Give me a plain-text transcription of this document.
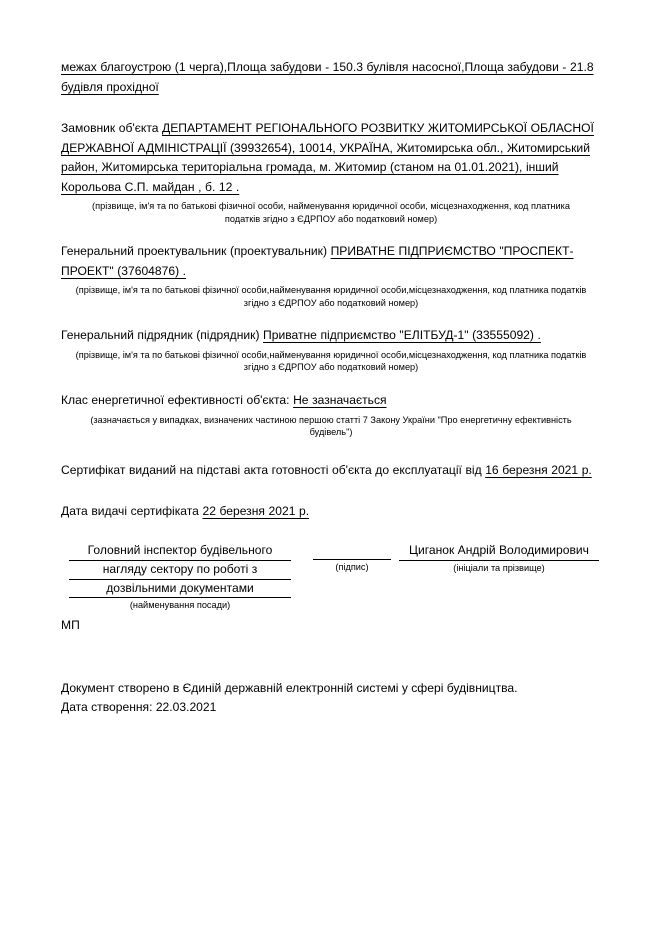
межах благоустрою (1 черга),Площа забудови - 150.3 булівля насосної,Площа забудови - 21.8 будівля прохідної

Замовник об'єкта ДЕПАРТАМЕНТ РЕГІОНАЛЬНОГО РОЗВИТКУ ЖИТОМИРСЬКОЇ ОБЛАСНОЇ ДЕРЖАВНОЇ АДМІНІСТРАЦІЇ (39932654), 10014, УКРАЇНА, Житомирська обл., Житомирський район, Житомирська територіальна громада, м. Житомир (станом на 01.01.2021), інший Корольова С.П. майдан , б. 12 .

(прізвище, ім'я та по батькові фізичної особи, найменування юридичної особи, місцезнаходження, код платника податків згідно з ЄДРПОУ або податковий номер)

Генеральний проектувальник (проектувальник) ПРИВАТНЕ ПІДПРИЄМСТВО "ПРОСПЕКТ-ПРОЕКТ" (37604876) .

(прізвище, ім'я та по батькові фізичної особи,найменування юридичної особи,місцезнаходження, код платника податків згідно з ЄДРПОУ або податковий номер)

Генеральний підрядник (підрядник) Приватне підприємство "ЕЛІТБУД-1" (33555092) .

(прізвище, ім'я та по батькові фізичної особи,найменування юридичної особи,місцезнаходження, код платника податків згідно з ЄДРПОУ або податковий номер)

Клас енергетичної ефективності об'єкта: Не зазначається

(зазначається у випадках, визначених частиною першою статті 7 Закону України "Про енергетичну ефективність будівель")

Сертифікат виданий на підставі акта готовності об'єкта до експлуатації від 16 березня 2021 р.

Дата видачі сертифіката 22 березня 2021 р.

Головний інспектор будівельного
нагляду сектору по роботі з
дозвільними документами
(найменування посади)
(підпис)
Циганок Андрій Володимирович
(ініціали та прізвище)

МП

Документ створено в Єдиній державній електронній системі у сфері будівництва.
Дата створення: 22.03.2021
